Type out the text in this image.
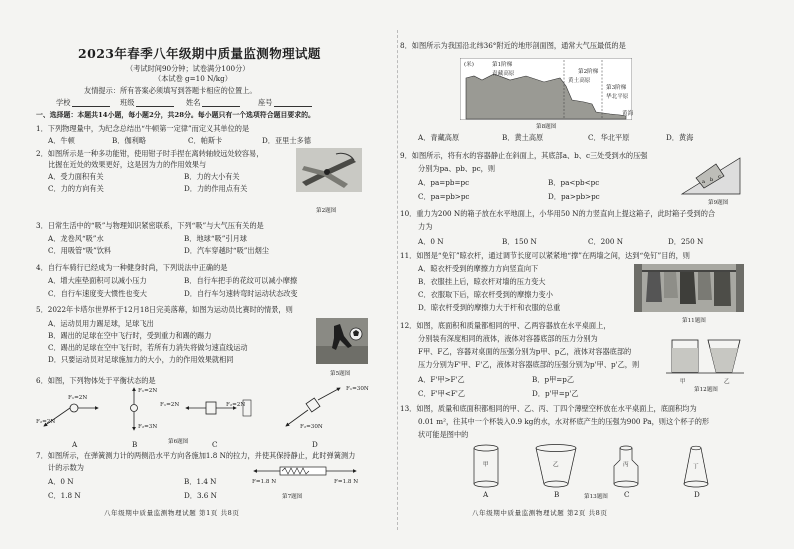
2023年春季八年级期中质量监测物理试题
（考试时间90分钟；试卷满分100分）
（本试卷 g=10 N/kg）
友情提示：所有答案必须填写到答题卡相应的位置上。
学校	班级	姓名	座号
一、选择题：本题共14小题，每小题2分，共28分。每小题只有一个选项符合题目要求的。
1．下列物理量中，为纪念总结出“牛顿第一定律”而定义其单位的是
A．牛顿	B．伽利略	C．帕斯卡	D．亚里士多德
2．如图所示是一种多功能钳，使用钳子时手捏在离转轴较远处较容易，
比握在近处的效果更好，这是因为力的作用效果与
A．受力面积有关	B．力的大小有关
C．力的方向有关	D．力的作用点有关
第2题图
3．日常生活中的“吸”与物理知识紧密联系，下列“吸”与大气压有关的是
A．龙卷风“吸”水	B．地球“吸”引月球
C．用吸管“吸”饮料	D．汽车穿越时“吸”出烟尘
4．自行车骑行已经成为一种健身时尚，下列说法中正确的是
A．增大座垫面积可以减小压力	B．自行车把手的花纹可以减小摩擦
C．自行车速度变大惯性也变大	D．自行车匀速转弯时运动状态改变
5．2022年卡塔尔世界杯于12月18日完美落幕，如图为运动员比赛时的情景，则
A．运动员用力踢足球，足球飞出
B．踢出的足球在空中飞行时，受到重力和踢的踢力
C．踢出的足球在空中飞行时，若所有力消失将做匀速直线运动
D．只要运动员对足球施加力的大小，力的作用效果就相同
第5题图
6．如图，下列物体处于平衡状态的是
F₁=2N
F₂=2N
F₁=2N
F₂=3N
F₁=2N	F₂=2N
F₁=30N
F₂=30N
A	B	C	D
第6题图
7．如图所示，在弹簧测力计的两侧沿水平方向各施加1.8 N的拉力，并使其保持静止，此时弹簧测力
计的示数为
F=1.8 N	F=1.8 N
A．0 N	B．1.4 N
C．1.8 N	D．3.6 N	第7题图
八年级期中质量监测物理试题 第1页 共8页
8．如图所示为我国沿北纬36°附近的地形剖面图，通常大气压最低的是
(米)	第1阶梯
青藏高原	第2阶梯
黄土高原
第3阶梯
华北平原
黄海
第8题图
A．青藏高原	B．黄土高原	C．华北平原	D．黄海
9．如图所示，将有水的容器静止在斜面上，其底部a、b、c三处受到水的压强
分别为pa、pb、pc，则
A．pa=pb=pc	B．pa<pb<pc
C．pa=pb>pc	D．pa>pb>pc
a b c
第9题图
10．重力为200 N的箱子放在水平地面上，小华用50 N的力竖直向上提这箱子，此时箱子受到的合
力为
A．0 N	B．150 N	C．200 N	D．250 N
11．如图是“免钉”晾衣杆，通过调节长度可以紧紧地“撑”在两墙之间，达到“免钉”目的，则
A．晾衣杆受到的摩擦力方向竖直向下
B．衣服挂上后，晾衣杆对墙的压力变大
C．衣服取下后，晾衣杆受到的摩擦力变小
D．晾衣杆受到的摩擦力大于杆和衣服的总重
第11题图
12．如图，底面积和质量都相同的甲、乙两容器放在水平桌面上，
分别装有深度相同的液体，液体对容器底部的压力分别为
F甲、F乙，容器对桌面的压强分别为p甲、p乙，液体对容器底部的
压力分别为F'甲、F'乙，液体对容器底部的压强分别为p'甲、p'乙，则
A．F'甲>F'乙	B．p甲=p乙
C．F'甲<F'乙	D．p'甲=p'乙
甲	乙
第12题图
13．如图，质量和底面积都相同的甲、乙、丙、丁四个薄壁空杯放在水平桌面上，底面积均为
0.01 m²，往其中一个杯装入0.9 kg的水，水对杯底产生的压强为900 Pa，则这个杯子的形
状可能是图中的
甲	乙	丙	丁
A	B	C	D
第13题图
八年级期中质量监测物理试题 第2页 共8页
